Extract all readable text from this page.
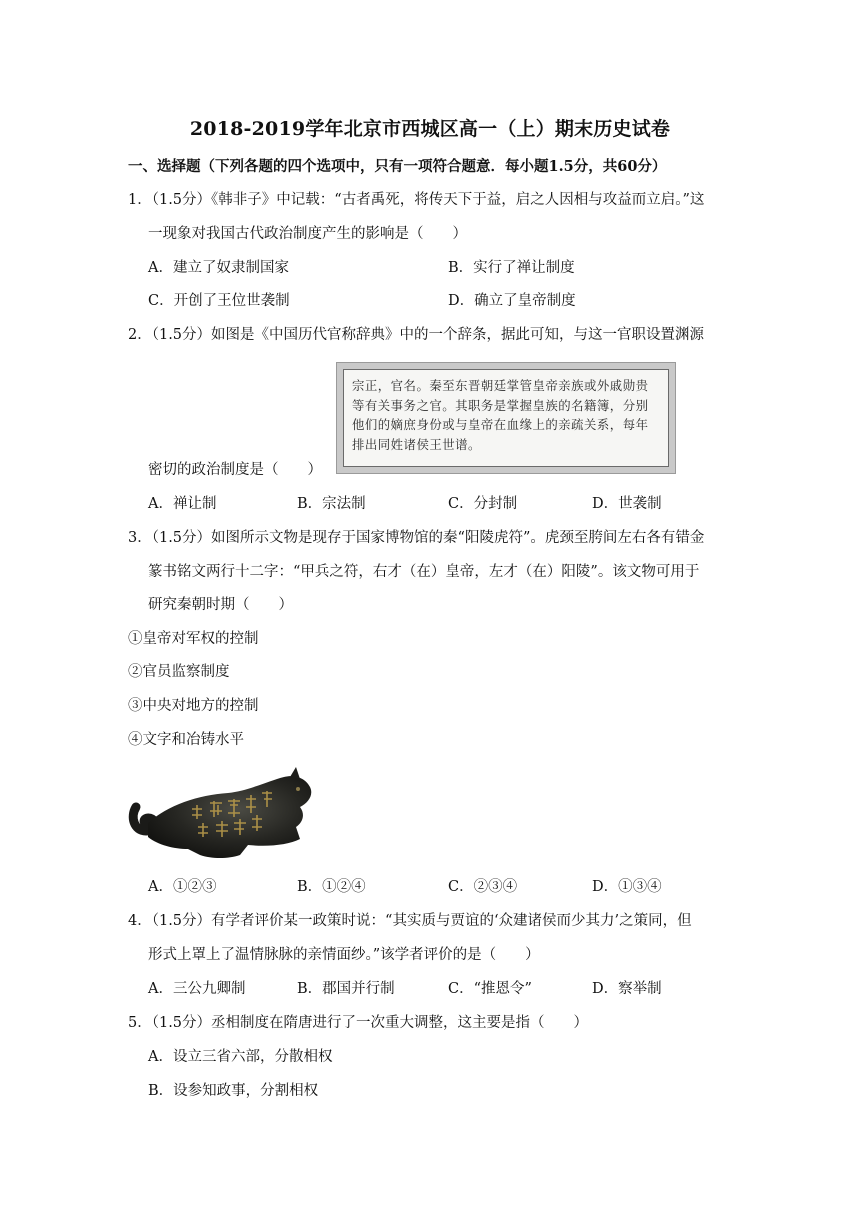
2018-2019学年北京市西城区高一（上）期末历史试卷
一、选择题（下列各题的四个选项中，只有一项符合题意．每小题1.5分，共60分）
1．（1.5分）《韩非子》中记载：“古者禹死，将传天下于益，启之人因相与攻益而立启。”这
一现象对我国古代政治制度产生的影响是（　　）
A．建立了奴隶制国家	B．实行了禅让制度
C．开创了王位世袭制	D．确立了皇帝制度
2．（1.5分）如图是《中国历代官称辞典》中的一个辞条，据此可知，与这一官职设置渊源
宗正，官名。秦至东晋朝廷掌管皇帝亲族或外戚勋贵等有关事务之官。其职务是掌握皇族的名籍簿，分别他们的嫡庶身份或与皇帝在血缘上的亲疏关系，每年排出同姓诸侯王世谱。
密切的政治制度是（　　）
A．禅让制	B．宗法制	C．分封制	D．世袭制
3．（1.5分）如图所示文物是现存于国家博物馆的秦“阳陵虎符”。虎颈至胯间左右各有错金
篆书铭文两行十二字：“甲兵之符，右才（在）皇帝，左才（在）阳陵”。该文物可用于
研究秦朝时期（　　）
①皇帝对军权的控制
②官员监察制度
③中央对地方的控制
④文字和冶铸水平
A．①②③	B．①②④	C．②③④	D．①③④
4．（1.5分）有学者评价某一政策时说：“其实质与贾谊的‘众建诸侯而少其力’之策同，但
形式上罩上了温情脉脉的亲情面纱。”该学者评价的是（　　）
A．三公九卿制	B．郡国并行制	C．“推恩令”	D．察举制
5．（1.5分）丞相制度在隋唐进行了一次重大调整，这主要是指（　　）
A．设立三省六部，分散相权
B．设参知政事，分割相权
